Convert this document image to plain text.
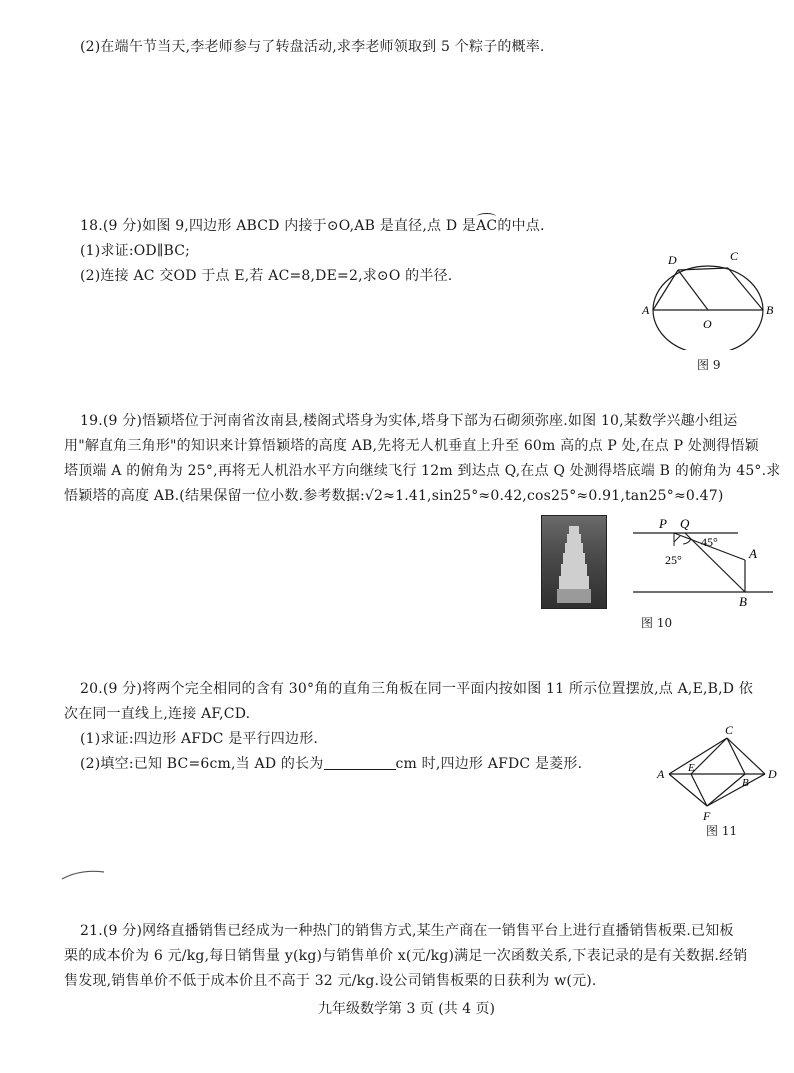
(2)在端午节当天,李老师参与了转盘活动,求李老师领取到 5 个粽子的概率.
18.(9 分)如图 9,四边形 ABCD 内接于⊙O,AB 是直径,点 D 是AC的中点.
(1)求证:OD∥BC;
(2)连接 AC 交OD 于点 E,若 AC=8,DE=2,求⊙O 的半径.
D	C
A
O
B
图 9
19.(9 分)悟颖塔位于河南省汝南县,楼阁式塔身为实体,塔身下部为石砌须弥座.如图 10,某数学兴趣小组运
用"解直角三角形"的知识来计算悟颖塔的高度 AB,先将无人机垂直上升至 60m 高的点 P 处,在点 P 处测得悟颖
塔顶端 A 的俯角为 25°,再将无人机沿水平方向继续飞行 12m 到达点 Q,在点 Q 处测得塔底端 B 的俯角为 45°.求
悟颖塔的高度 AB.(结果保留一位小数.参考数据:√2≈1.41,sin25°≈0.42,cos25°≈0.91,tan25°≈0.47)
P Q
45°
25°	A
B
图 10
20.(9 分)将两个完全相同的含有 30°角的直角三角板在同一平面内按如图 11 所示位置摆放,点 A,E,B,D 依
次在同一直线上,连接 AF,CD.
(1)求证:四边形 AFDC 是平行四边形.
(2)填空:已知 BC=6cm,当 AD 的长为	cm 时,四边形 AFDC 是菱形.
A
C
E
B
D
F
图 11
21.(9 分)网络直播销售已经成为一种热门的销售方式,某生产商在一销售平台上进行直播销售板栗.已知板
栗的成本价为 6 元/kg,每日销售量 y(kg)与销售单价 x(元/kg)满足一次函数关系,下表记录的是有关数据.经销
售发现,销售单价不低于成本价且不高于 32 元/kg.设公司销售板栗的日获利为 w(元).
九年级数学第 3 页 (共 4 页)
